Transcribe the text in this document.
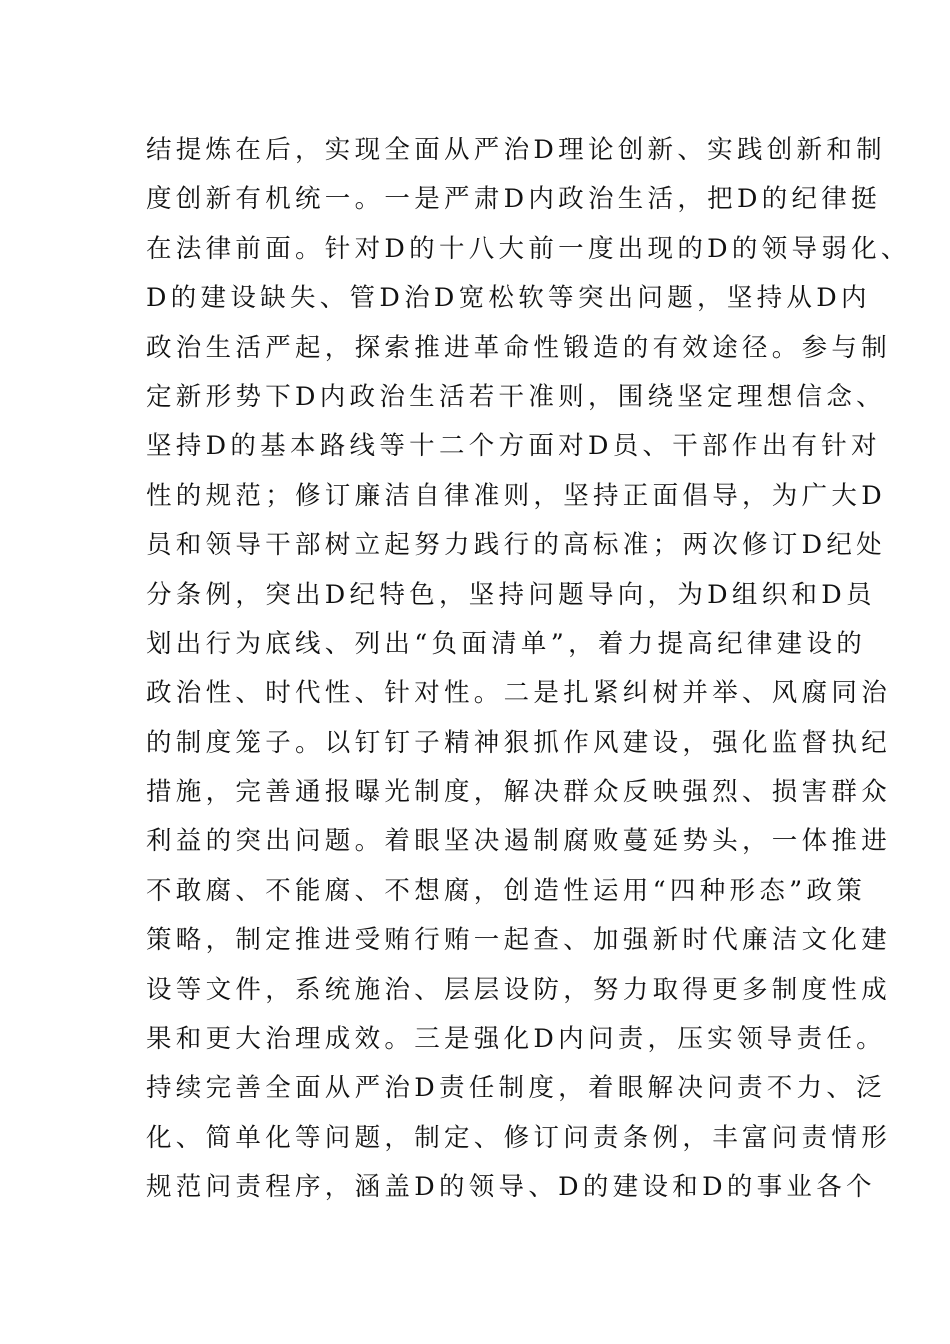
结提炼在后，实现全面从严治D理论创新、实践创新和制
度创新有机统一。一是严肃D内政治生活，把D的纪律挺
在法律前面。针对D的十八大前一度出现的D的领导弱化、
D的建设缺失、管D治D宽松软等突出问题，坚持从D内
政治生活严起，探索推进革命性锻造的有效途径。参与制
定新形势下D内政治生活若干准则，围绕坚定理想信念、
坚持D的基本路线等十二个方面对D员、干部作出有针对
性的规范；修订廉洁自律准则，坚持正面倡导，为广大D
员和领导干部树立起努力践行的高标准；两次修订D纪处
分条例，突出D纪特色，坚持问题导向，为D组织和D员
划出行为底线、列出“负面清单”，着力提高纪律建设的
政治性、时代性、针对性。二是扎紧纠树并举、风腐同治
的制度笼子。以钉钉子精神狠抓作风建设，强化监督执纪
措施，完善通报曝光制度，解决群众反映强烈、损害群众
利益的突出问题。着眼坚决遏制腐败蔓延势头，一体推进
不敢腐、不能腐、不想腐，创造性运用“四种形态”政策
策略，制定推进受贿行贿一起查、加强新时代廉洁文化建
设等文件，系统施治、层层设防，努力取得更多制度性成
果和更大治理成效。三是强化D内问责，压实领导责任。
持续完善全面从严治D责任制度，着眼解决问责不力、泛
化、简单化等问题，制定、修订问责条例，丰富问责情形
规范问责程序，涵盖D的领导、D的建设和D的事业各个
